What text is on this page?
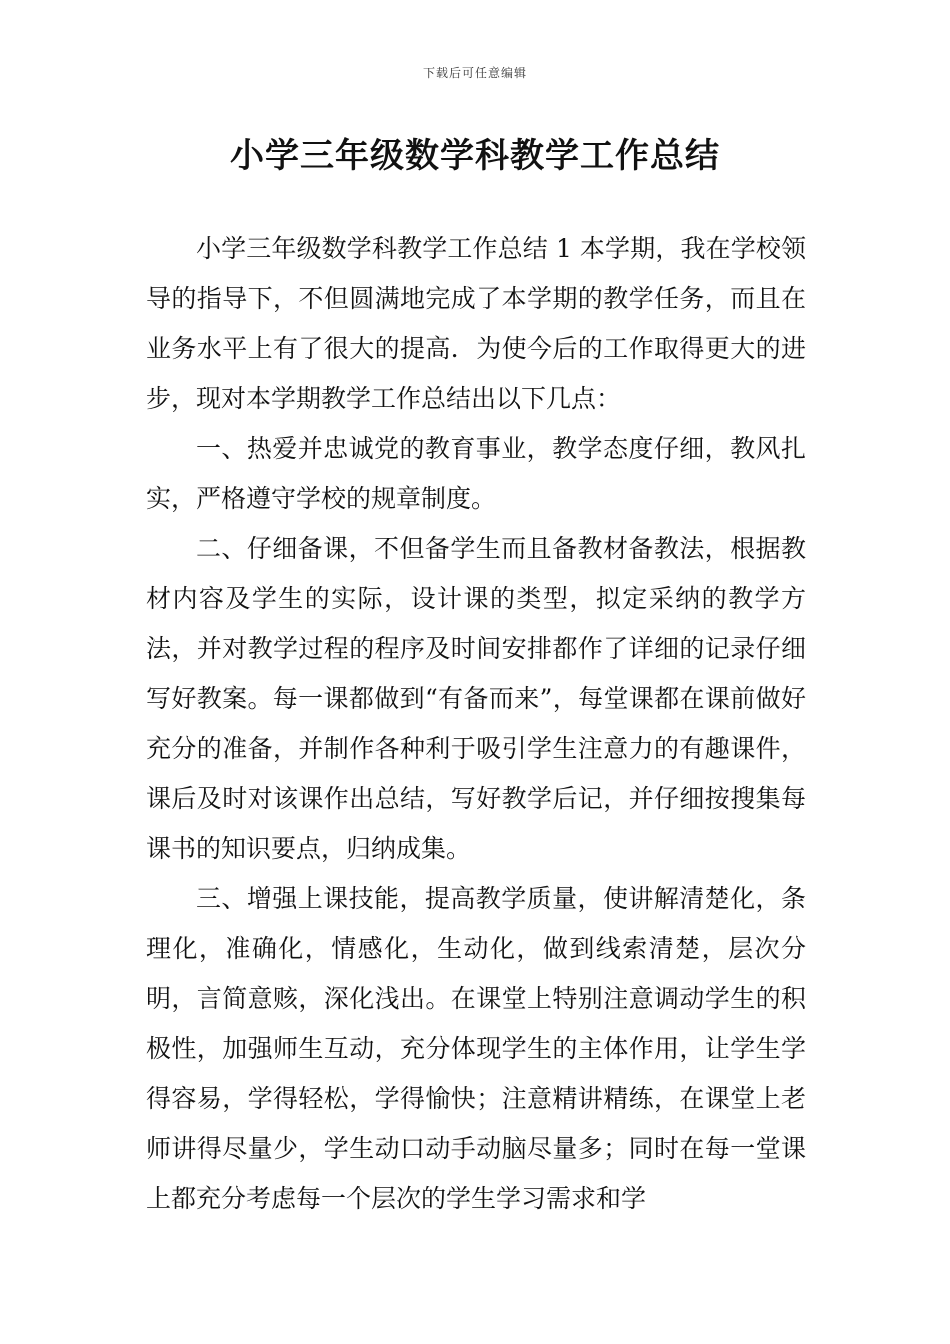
下载后可任意编辑
小学三年级数学科教学工作总结

小学三年级数学科教学工作总结 1 本学期，我在学校领导的指导下，不但圆满地完成了本学期的教学任务，而且在业务水平上有了很大的提高．为使今后的工作取得更大的进步，现对本学期教学工作总结出以下几点：

一、热爱并忠诚党的教育事业，教学态度仔细，教风扎实，严格遵守学校的规章制度。

二、仔细备课，不但备学生而且备教材备教法，根据教材内容及学生的实际，设计课的类型，拟定采纳的教学方法，并对教学过程的程序及时间安排都作了详细的记录仔细写好教案。每一课都做到“有备而来”，每堂课都在课前做好充分的准备，并制作各种利于吸引学生注意力的有趣课件，课后及时对该课作出总结，写好教学后记，并仔细按搜集每课书的知识要点，归纳成集。

三、增强上课技能，提高教学质量，使讲解清楚化，条理化，准确化，情感化，生动化，做到线索清楚，层次分明，言简意赅，深化浅出。在课堂上特别注意调动学生的积极性，加强师生互动，充分体现学生的主体作用，让学生学得容易，学得轻松，学得愉快；注意精讲精练，在课堂上老师讲得尽量少，学生动口动手动脑尽量多；同时在每一堂课上都充分考虑每一个层次的学生学习需求和学
